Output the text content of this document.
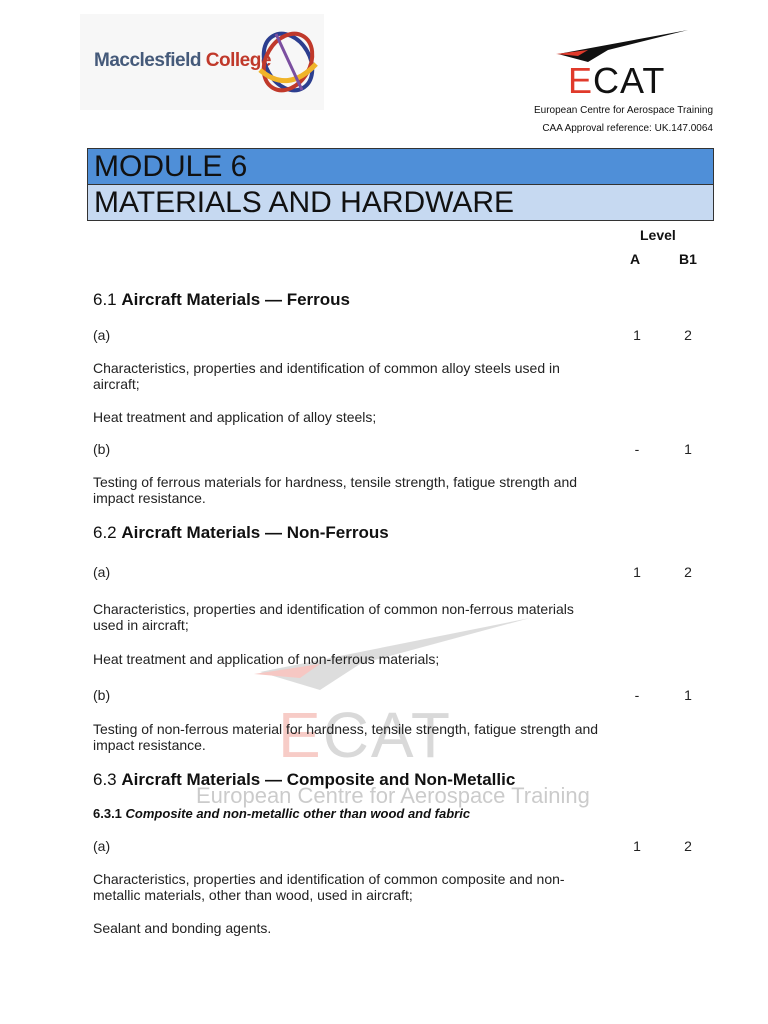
Macclesfield College	ECAT
European Centre for Aerospace Training
CAA Approval reference: UK.147.0064
MODULE 6
MATERIALS AND HARDWARE
ECAT
European Centre for Aerospace Training
Level
A	B1
6.1 Aircraft Materials — Ferrous
(a)	1	2
Characteristics, properties and identification of common alloy steels used in aircraft;
Heat treatment and application of alloy steels;
(b)	-	1
Testing of ferrous materials for hardness, tensile strength, fatigue strength and impact resistance.
6.2 Aircraft Materials — Non-Ferrous
(a)	1	2
Characteristics, properties and identification of common non-ferrous materials used in aircraft;
Heat treatment and application of non-ferrous materials;
(b)	-	1
Testing of non-ferrous material for hardness, tensile strength, fatigue strength and impact resistance.
6.3 Aircraft Materials — Composite and Non-Metallic
6.3.1 Composite and non-metallic other than wood and fabric
(a)	1	2
Characteristics, properties and identification of common composite and non-metallic materials, other than wood, used in aircraft;
Sealant and bonding agents.
